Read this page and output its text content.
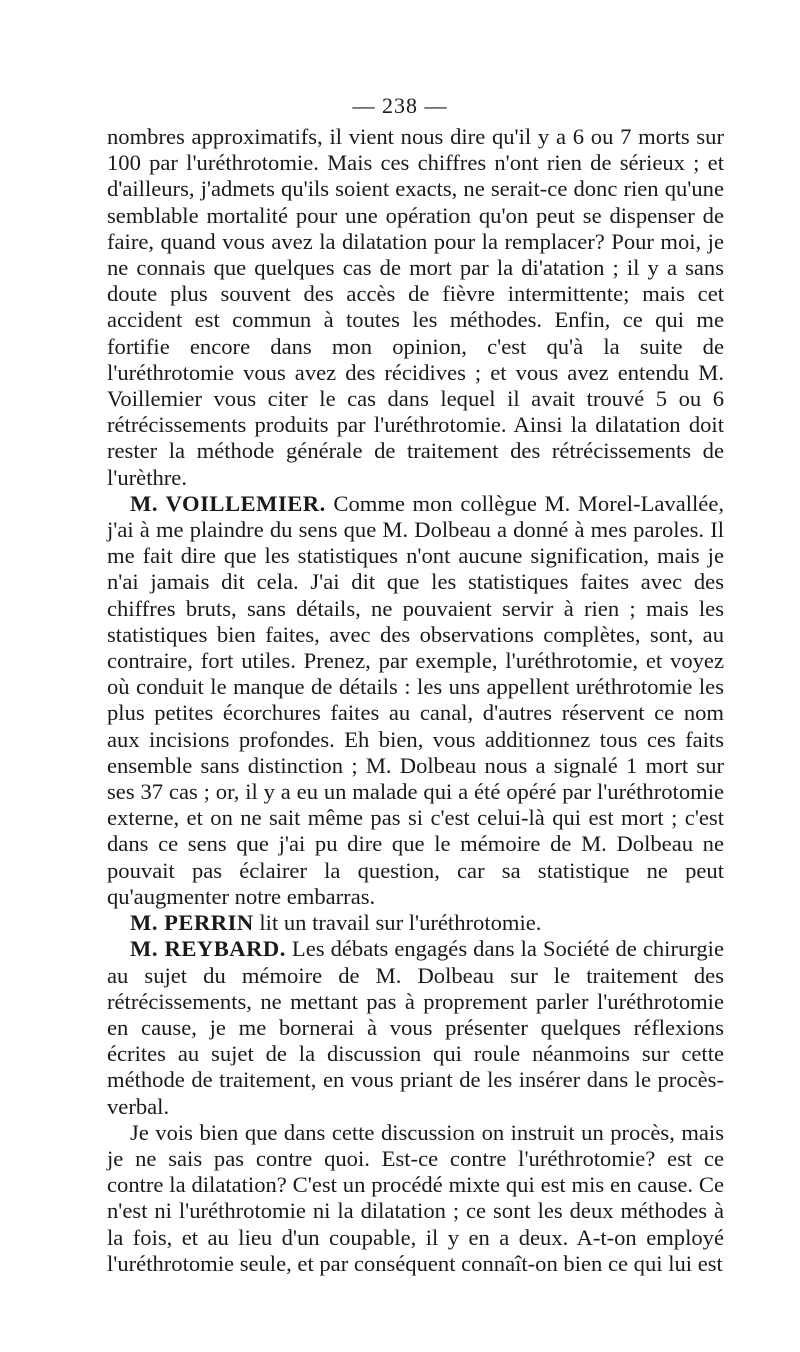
— 238 —

nombres approximatifs, il vient nous dire qu'il y a 6 ou 7 morts sur 100 par l'uréthrotomie. Mais ces chiffres n'ont rien de sérieux ; et d'ailleurs, j'admets qu'ils soient exacts, ne serait-ce donc rien qu'une semblable mortalité pour une opération qu'on peut se dispenser de faire, quand vous avez la dilatation pour la remplacer? Pour moi, je ne connais que quelques cas de mort par la di'atation ; il y a sans doute plus souvent des accès de fièvre intermittente; mais cet accident est commun à toutes les méthodes. Enfin, ce qui me fortifie encore dans mon opinion, c'est qu'à la suite de l'uréthrotomie vous avez des récidives ; et vous avez entendu M. Voillemier vous citer le cas dans lequel il avait trouvé 5 ou 6 rétrécissements produits par l'uréthrotomie. Ainsi la dilatation doit rester la méthode générale de traitement des rétrécissements de l'urèthre.

M. VOILLEMIER. Comme mon collègue M. Morel-Lavallée, j'ai à me plaindre du sens que M. Dolbeau a donné à mes paroles. Il me fait dire que les statistiques n'ont aucune signification, mais je n'ai jamais dit cela. J'ai dit que les statistiques faites avec des chiffres bruts, sans détails, ne pouvaient servir à rien ; mais les statistiques bien faites, avec des observations complètes, sont, au contraire, fort utiles. Prenez, par exemple, l'uréthrotomie, et voyez où conduit le manque de détails : les uns appellent uréthrotomie les plus petites écorchures faites au canal, d'autres réservent ce nom aux incisions profondes. Eh bien, vous additionnez tous ces faits ensemble sans distinction ; M. Dolbeau nous a signalé 1 mort sur ses 37 cas ; or, il y a eu un malade qui a été opéré par l'uréthrotomie externe, et on ne sait même pas si c'est celui-là qui est mort ; c'est dans ce sens que j'ai pu dire que le mémoire de M. Dolbeau ne pouvait pas éclairer la question, car sa statistique ne peut qu'augmenter notre embarras.

M. PERRIN lit un travail sur l'uréthrotomie.

M. REYBARD. Les débats engagés dans la Société de chirurgie au sujet du mémoire de M. Dolbeau sur le traitement des rétrécissements, ne mettant pas à proprement parler l'uréthrotomie en cause, je me bornerai à vous présenter quelques réflexions écrites au sujet de la discussion qui roule néanmoins sur cette méthode de traitement, en vous priant de les insérer dans le procès-verbal.

Je vois bien que dans cette discussion on instruit un procès, mais je ne sais pas contre quoi. Est-ce contre l'uréthrotomie? est ce contre la dilatation? C'est un procédé mixte qui est mis en cause. Ce n'est ni l'uréthrotomie ni la dilatation ; ce sont les deux méthodes à la fois, et au lieu d'un coupable, il y en a deux. A-t-on employé l'uréthrotomie seule, et par conséquent connaît-on bien ce qui lui est
